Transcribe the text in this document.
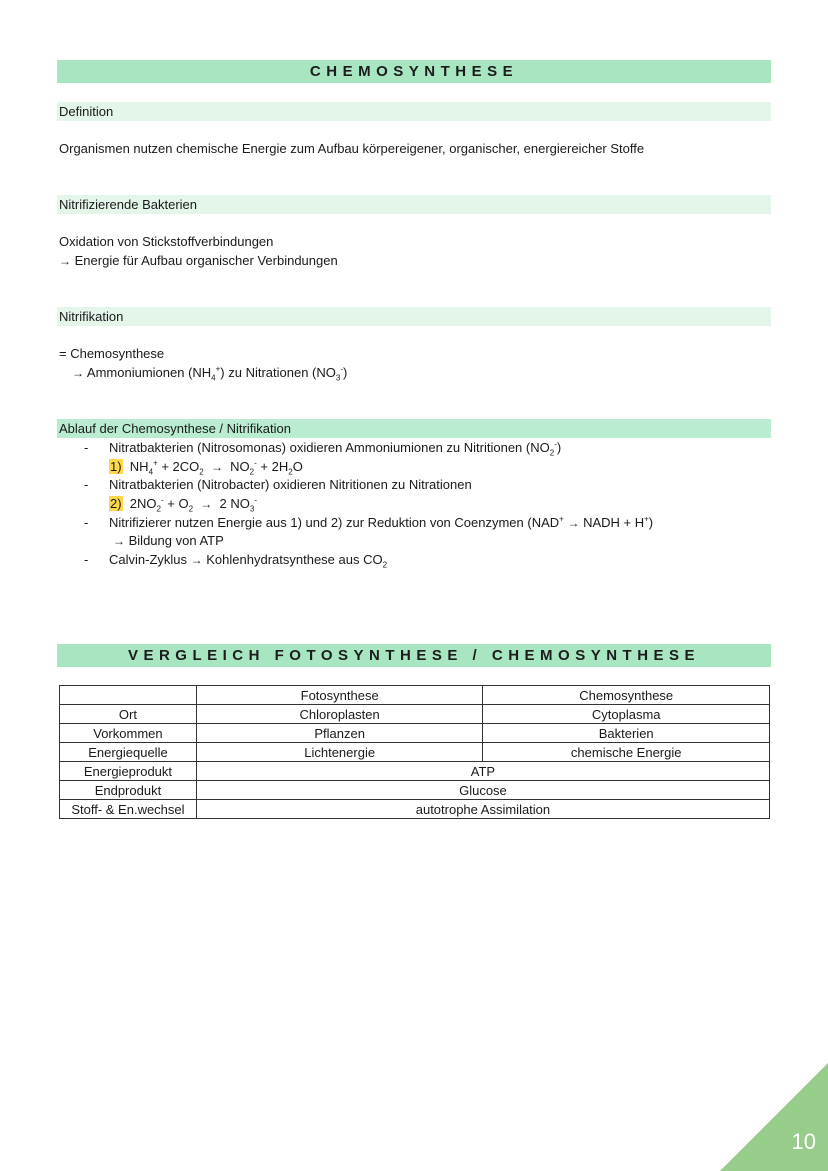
CHEMOSYNTHESE
Definition
Organismen nutzen chemische Energie zum Aufbau körpereigener, organischer, energiereicher Stoffe
Nitrifizierende Bakterien
Oxidation von Stickstoffverbindungen
→ Energie für Aufbau organischer Verbindungen
Nitrifikation
= Chemosynthese
→ Ammoniumionen $(NH_4^+)$ zu Nitrationen $(NO_3^-)$
Ablauf der Chemosynthese / Nitrifikation
- Nitratbakterien (Nitrosomonas) oxidieren Ammoniumionen zu Nitritionen $(NO_2^-)$
1) $NH_4^+ + 2CO_2 \to NO_2^- + 2H_2O$
- Nitratbakterien (Nitrobacter) oxidieren Nitritionen zu Nitrationen
2) $2NO_2^- + O_2 \to 2$ $NO_3^-$
- Nitrifizierer nutzen Energie aus 1) und 2) zur Reduktion von Coenzymen (NAD+ → NADH + H+)
→ Bildung von ATP
- Calvin-Zyklus → Kohlenhydratsynthese aus $CO_2$
VERGLEICH FOTOSYNTHESE / CHEMOSYNTHESE
	Fotosynthese	Chemosynthese
Ort	Chloroplasten	Cytoplasma
Vorkommen	Pflanzen	Bakterien
Energiequelle	Lichtenergie	chemische Energie
Energieprodukt	ATP	
Endprodukt	Glucose	
Stoff- & En.wechsel	autotrophe Assimilation	
10
